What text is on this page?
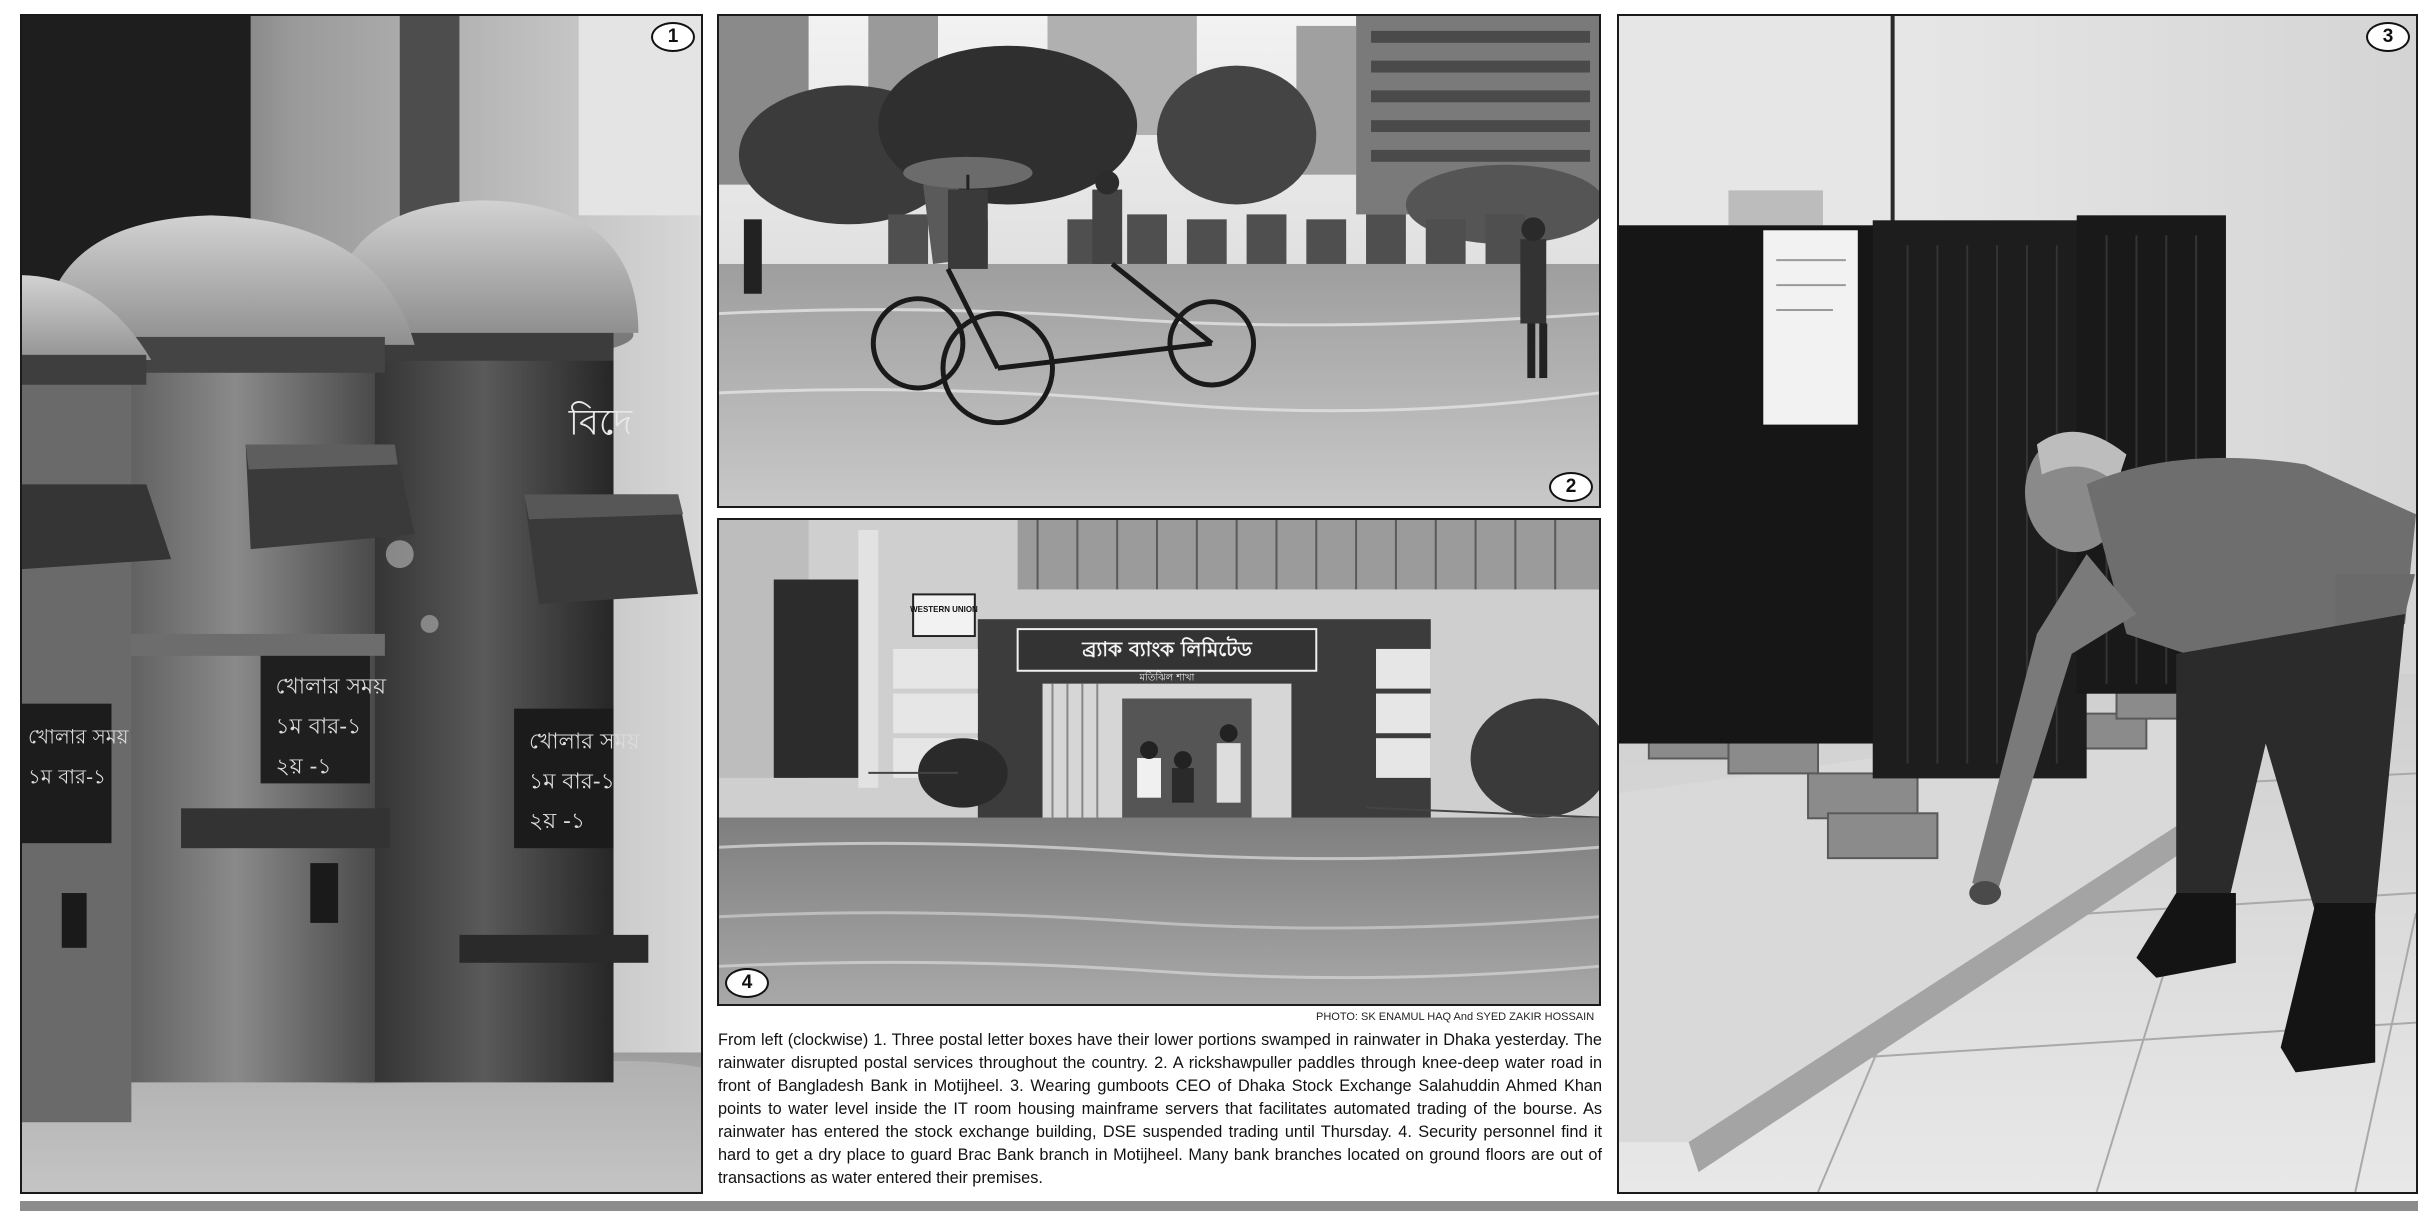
খোলার সময়
১ম বার-১
২য় -১
বিদে
খোলার সময়
১ম বার-১
২য় -১
খোলার সময়
১ম বার-১
1
2
WESTERN UNION
ব্র্যাক ব্যাংক লিমিটেড
মতিঝিল শাখা
4
3
PHOTO: SK ENAMUL HAQ And SYED ZAKIR HOSSAIN
From left (clockwise) 1. Three postal letter boxes have their lower portions swamped in rainwater in Dhaka yesterday. The rainwater disrupted postal services throughout the country. 2. A rickshawpuller paddles through knee-deep water road in front of Bangladesh Bank in Motijheel. 3. Wearing gumboots CEO of Dhaka Stock Exchange Salahuddin Ahmed Khan points to water level inside the IT room housing mainframe servers that facilitates automated trading of the bourse. As rainwater has entered the stock exchange building, DSE suspended trading until Thursday. 4. Security personnel find it hard to get a dry place to guard Brac Bank branch in Motijheel. Many bank branches located on ground floors are out of transactions as water entered their premises.
